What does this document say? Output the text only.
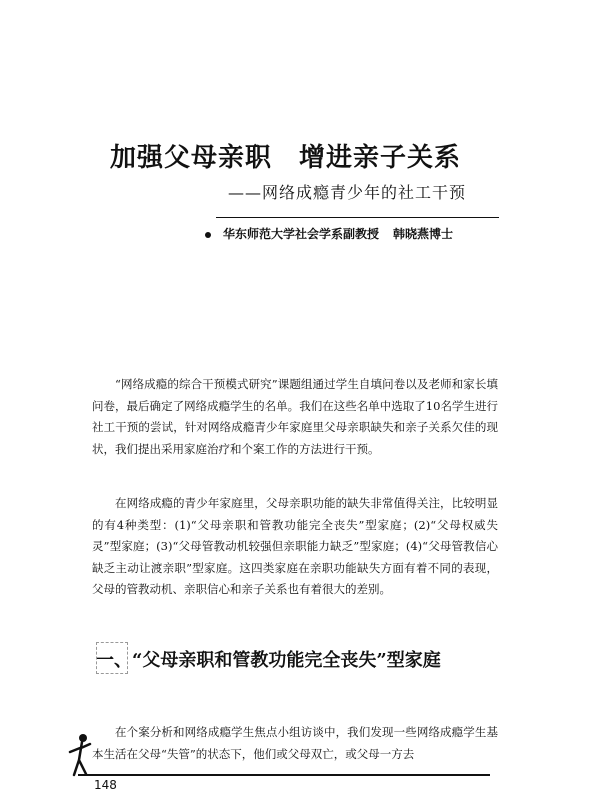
加强父母亲职　增进亲子关系
——网络成瘾青少年的社工干预
华东师范大学社会学系副教授 韩晓燕博士

“网络成瘾的综合干预模式研究”课题组通过学生自填问卷以及老师和家长填问卷，最后确定了网络成瘾学生的名单。我们在这些名单中选取了10名学生进行社工干预的尝试，针对网络成瘾青少年家庭里父母亲职缺失和亲子关系欠佳的现状，我们提出采用家庭治疗和个案工作的方法进行干预。

在网络成瘾的青少年家庭里，父母亲职功能的缺失非常值得关注，比较明显的有4种类型：(1)“父母亲职和管教功能完全丧失”型家庭；(2)“父母权威失灵”型家庭；(3)“父母管教动机较强但亲职能力缺乏”型家庭；(4)“父母管教信心缺乏主动让渡亲职”型家庭。这四类家庭在亲职功能缺失方面有着不同的表现，父母的管教动机、亲职信心和亲子关系也有着很大的差别。

一、“父母亲职和管教功能完全丧失”型家庭

在个案分析和网络成瘾学生焦点小组访谈中，我们发现一些网络成瘾学生基本生活在父母“失管”的状态下，他们或父母双亡，或父母一方去

148
